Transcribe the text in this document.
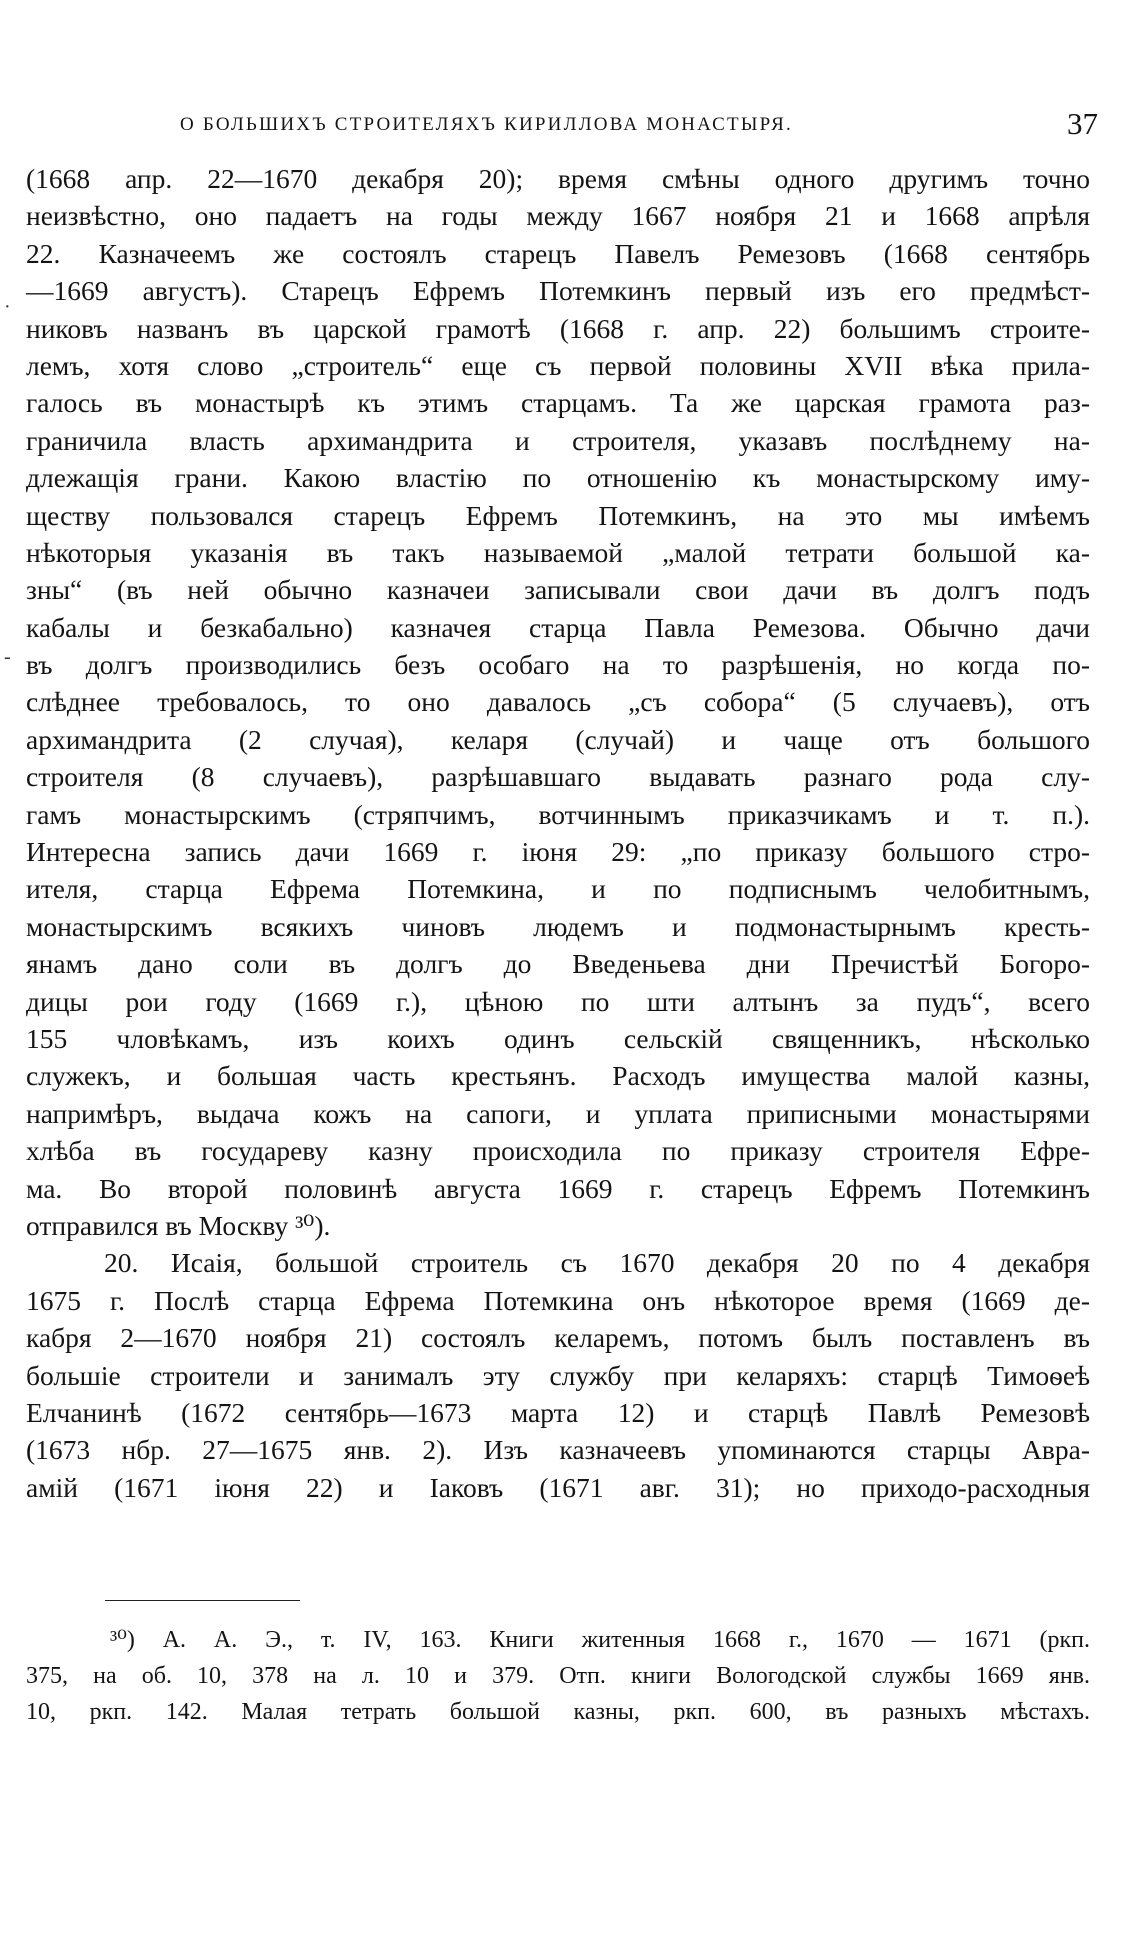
О БОЛЬШИХЪ СТРОИТЕЛЯХЪ КИРИЛЛОВА МОНАСТЫРЯ.	37
·
-
(1668 апр. 22—1670 декабря 20); время смѣны одного другимъ точно
неизвѣстно, оно падаетъ на годы между 1667 ноября 21 и 1668 апрѣля
22. Казначеемъ же состоялъ старецъ Павелъ Ремезовъ (1668 сентябрь
—1669 августъ). Старецъ Ефремъ Потемкинъ первый изъ его предмѣст-
никовъ названъ въ царской грамотѣ (1668 г. апр. 22) большимъ строите-
лемъ, хотя слово „строитель“ еще съ первой половины XVII вѣка прила-
галось въ монастырѣ къ этимъ старцамъ. Та же царская грамота раз-
граничила власть архимандрита и строителя, указавъ послѣднему на-
длежащія грани. Какою властію по отношенію къ монастырскому иму-
ществу пользовался старецъ Ефремъ Потемкинъ, на это мы имѣемъ
нѣкоторыя указанія въ такъ называемой „малой тетрати большой ка-
зны“ (въ ней обычно казначеи записывали свои дачи въ долгъ подъ
кабалы и безкабально) казначея старца Павла Ремезова. Обычно дачи
въ долгъ производились безъ особаго на то разрѣшенія, но когда по-
слѣднее требовалось, то оно давалось „съ собора“ (5 случаевъ), отъ
архимандрита (2 случая), келаря (случай) и чаще отъ большого
строителя (8 случаевъ), разрѣшавшаго выдавать разнаго рода слу-
гамъ монастырскимъ (стряпчимъ, вотчиннымъ приказчикамъ и т. п.).
Интересна запись дачи 1669 г. іюня 29: „по приказу большого стро-
ителя, старца Ефрема Потемкина, и по подписнымъ челобитнымъ,
монастырскимъ всякихъ чиновъ людемъ и подмонастырнымъ кресть-
янамъ дано соли въ долгъ до Введеньева дни Пречистѣй Богоро-
дицы рои году (1669 г.), цѣною по шти алтынъ за пудъ“, всего
155 чловѣкамъ, изъ коихъ одинъ сельскій священникъ, нѣсколько
служекъ, и большая часть крестьянъ. Расходъ имущества малой казны,
напримѣръ, выдача кожъ на сапоги, и уплата приписными монастырями
хлѣба въ государеву казну происходила по приказу строителя Ефре-
ма. Во второй половинѣ августа 1669 г. старецъ Ефремъ Потемкинъ
отправился въ Москву ³⁰).
20. Исаія, большой строитель съ 1670 декабря 20 по 4 декабря
1675 г. Послѣ старца Ефрема Потемкина онъ нѣкоторое время (1669 де-
кабря 2—1670 ноября 21) состоялъ келаремъ, потомъ былъ поставленъ въ
большіе строители и занималъ эту службу при келаряхъ: старцѣ Тимоѳеѣ
Елчанинѣ (1672 сентябрь—1673 марта 12) и старцѣ Павлѣ Ремезовѣ
(1673 нбр. 27—1675 янв. 2). Изъ казначеевъ упоминаются старцы Авра-
амій (1671 іюня 22) и Іаковъ (1671 авг. 31); но приходо-расходныя
³⁰) А. А. Э., т. IV, 163. Книги житенныя 1668 г., 1670 — 1671 (ркп.
375, на об. 10, 378 на л. 10 и 379. Отп. книги Вологодской службы 1669 янв.
10, ркп. 142. Малая тетрать большой казны, ркп. 600, въ разныхъ мѣстахъ.
